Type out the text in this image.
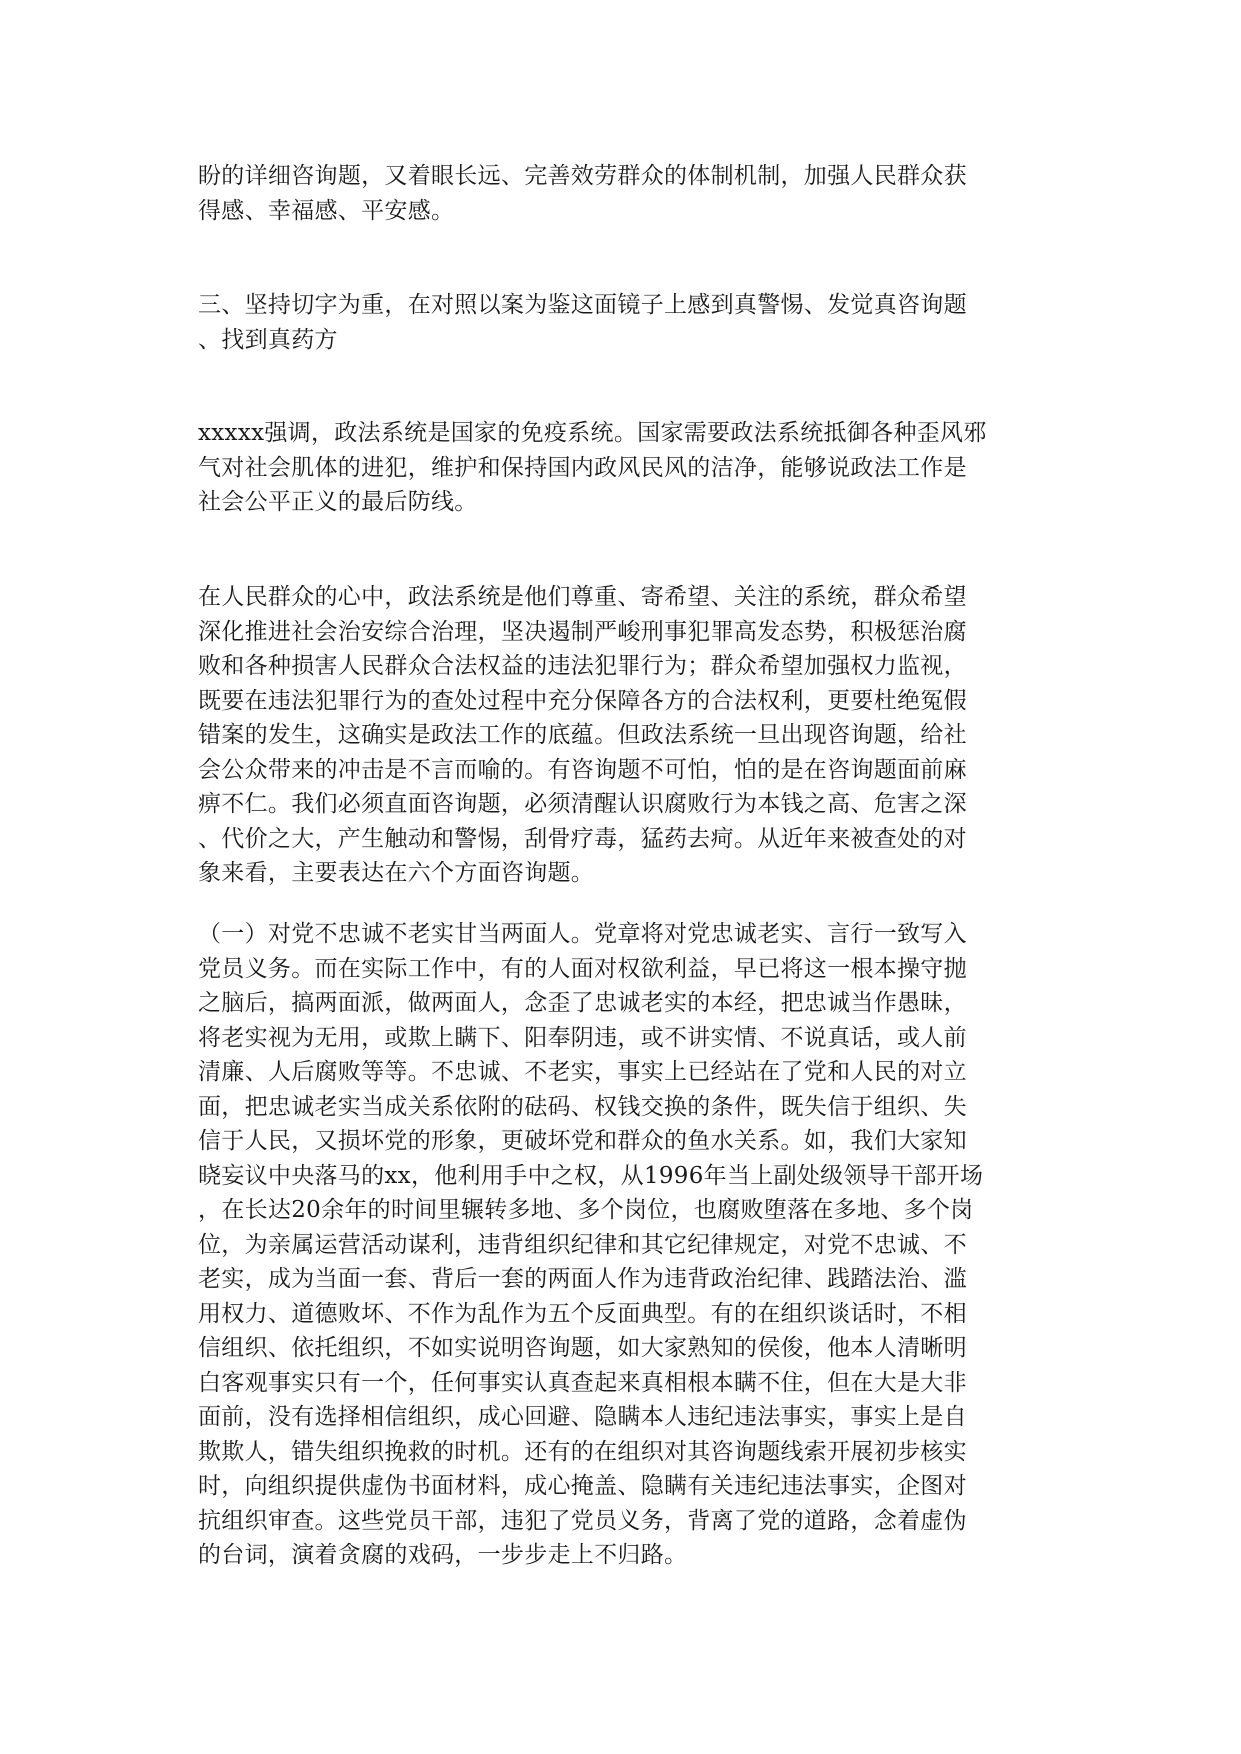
盼的详细咨询题，又着眼长远、完善效劳群众的体制机制，加强人民群众获
得感、幸福感、平安感。
三、坚持切字为重，在对照以案为鉴这面镜子上感到真警惕、发觉真咨询题
、找到真药方
xxxxx强调，政法系统是国家的免疫系统。国家需要政法系统抵御各种歪风邪
气对社会肌体的进犯，维护和保持国内政风民风的洁净，能够说政法工作是
社会公平正义的最后防线。
在人民群众的心中，政法系统是他们尊重、寄希望、关注的系统，群众希望
深化推进社会治安综合治理，坚决遏制严峻刑事犯罪高发态势，积极惩治腐
败和各种损害人民群众合法权益的违法犯罪行为；群众希望加强权力监视，
既要在违法犯罪行为的查处过程中充分保障各方的合法权利，更要杜绝冤假
错案的发生，这确实是政法工作的底蕴。但政法系统一旦出现咨询题，给社
会公众带来的冲击是不言而喻的。有咨询题不可怕，怕的是在咨询题面前麻
痹不仁。我们必须直面咨询题，必须清醒认识腐败行为本钱之高、危害之深
、代价之大，产生触动和警惕，刮骨疗毒，猛药去疴。从近年来被查处的对
象来看，主要表达在六个方面咨询题。
（一）对党不忠诚不老实甘当两面人。党章将对党忠诚老实、言行一致写入
党员义务。而在实际工作中，有的人面对权欲利益，早已将这一根本操守抛
之脑后，搞两面派，做两面人，念歪了忠诚老实的本经，把忠诚当作愚昧，
将老实视为无用，或欺上瞒下、阳奉阴违，或不讲实情、不说真话，或人前
清廉、人后腐败等等。不忠诚、不老实，事实上已经站在了党和人民的对立
面，把忠诚老实当成关系依附的砝码、权钱交换的条件，既失信于组织、失
信于人民，又损坏党的形象，更破坏党和群众的鱼水关系。如，我们大家知
晓妄议中央落马的xx，他利用手中之权，从1996年当上副处级领导干部开场
，在长达20余年的时间里辗转多地、多个岗位，也腐败堕落在多地、多个岗
位，为亲属运营活动谋利，违背组织纪律和其它纪律规定，对党不忠诚、不
老实，成为当面一套、背后一套的两面人作为违背政治纪律、践踏法治、滥
用权力、道德败坏、不作为乱作为五个反面典型。有的在组织谈话时，不相
信组织、依托组织，不如实说明咨询题，如大家熟知的侯俊，他本人清晰明
白客观事实只有一个，任何事实认真查起来真相根本瞒不住，但在大是大非
面前，没有选择相信组织，成心回避、隐瞒本人违纪违法事实，事实上是自
欺欺人，错失组织挽救的时机。还有的在组织对其咨询题线索开展初步核实
时，向组织提供虚伪书面材料，成心掩盖、隐瞒有关违纪违法事实，企图对
抗组织审查。这些党员干部，违犯了党员义务，背离了党的道路，念着虚伪
的台词，演着贪腐的戏码，一步步走上不归路。
